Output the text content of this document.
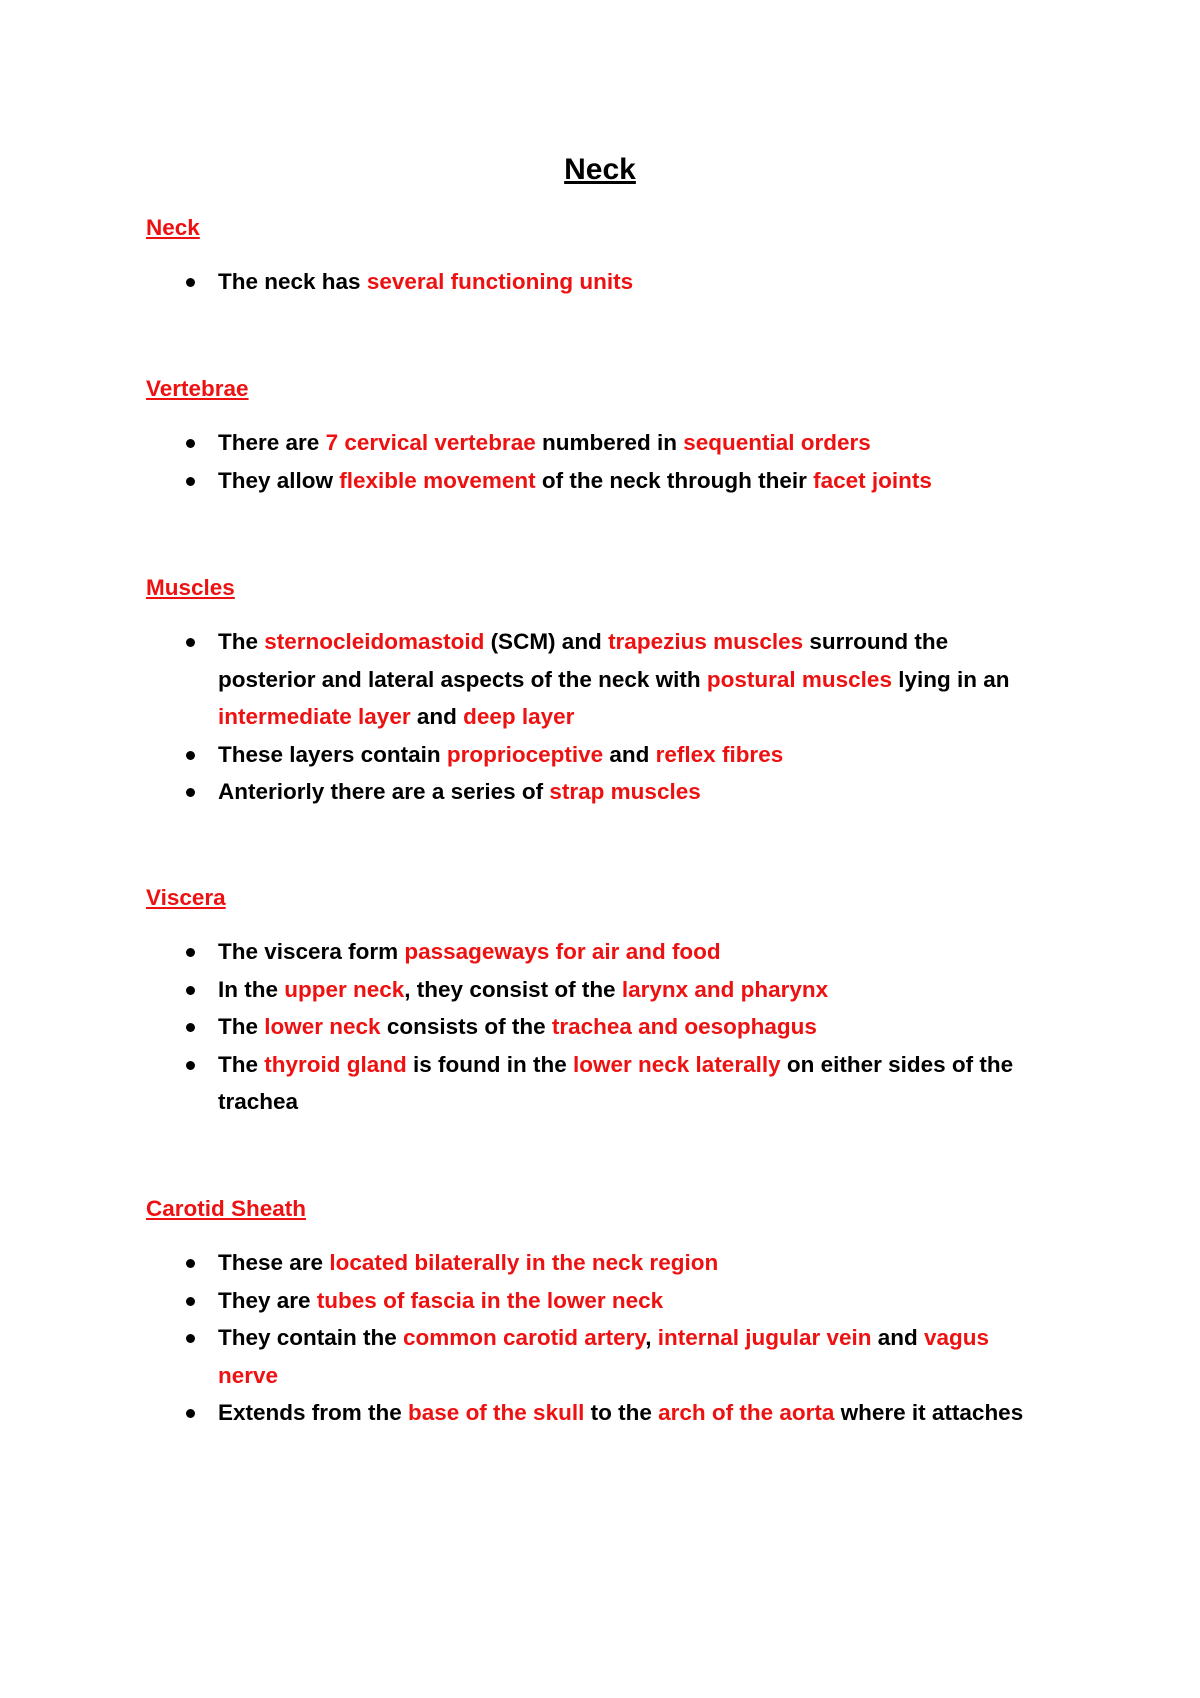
Neck
Neck
The neck has several functioning units
Vertebrae
There are 7 cervical vertebrae numbered in sequential orders
They allow flexible movement of the neck through their facet joints
Muscles
The sternocleidomastoid (SCM) and trapezius muscles surround the posterior and lateral aspects of the neck with postural muscles lying in an intermediate layer and deep layer
These layers contain proprioceptive and reflex fibres
Anteriorly there are a series of strap muscles
Viscera
The viscera form passageways for air and food
In the upper neck, they consist of the larynx and pharynx
The lower neck consists of the trachea and oesophagus
The thyroid gland is found in the lower neck laterally on either sides of the trachea
Carotid Sheath
These are located bilaterally in the neck region
They are tubes of fascia in the lower neck
They contain the common carotid artery, internal jugular vein and vagus nerve
Extends from the base of the skull to the arch of the aorta where it attaches
